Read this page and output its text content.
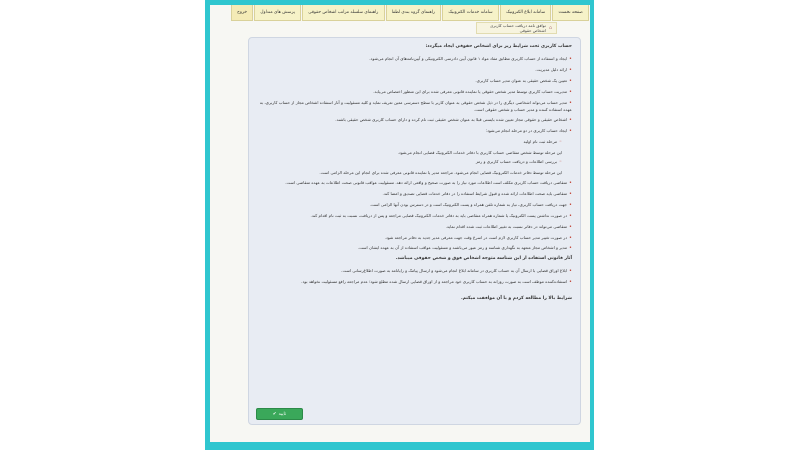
صفحه نخست
سامانه ابلاغ الکترونیک
سامانه خدمات الکترونیک
راهنمای گروه بندی لطفا
راهنمای سلسله مراتب اشخاص حقوقی
پرسش های متداول
خروج
⌂
توافق نامه دریافت حساب کاربری اشخاص حقوقی

حساب کاربری تحت شرایط زیر برای اشخاص حقوقی ایجاد میگردد:

•ایجاد و استفاده از حساب کاربری مطابق مفاد مواد ۱ قانون آیین دادرسی الکترونیکی و آیین‌نامه‌های آن انجام می‌شود.

•ارائه دلیل مدیریت.

•تعیین یک شخص حقیقی به عنوان مدیر حساب کاربری.

•مدیریت حساب کاربری توسط مدیر شخص حقوقی یا نماینده قانونی معرفی شده برای این منظور اختصاص می‌یابد.

•مدیر حساب می‌تواند اشخاصی دیگری را در ذیل شخص حقوقی به عنوان کاربر با سطح دسترسی معین تعریف نماید و کلیه مسئولیت و آثار استفاده اشخاص مجاز از حساب کاربری، به عهده استفاده کننده و مدیر حساب و شخص حقوقی است.

•اشخاص حقیقی و حقوقی مجاز تعیین شده بایستی قبلا به عنوان شخص حقیقی ثبت نام کرده و دارای حساب کاربری شخص حقیقی باشند.

•ایجاد حساب کاربری در دو مرحله انجام می‌شود:

◦مرحله ثبت نام اولیه

این مرحله توسط شخص متقاضی حساب کاربری با دفاتر خدمات الکترونیک قضایی انجام می‌شود.

◦بررسی اطلاعات و دریافت حساب کاربری و رمز

این مرحله توسط دفاتر خدمات الکترونیک قضایی انجام می‌شود. مراجعه مدیر یا نماینده قانونی معرفی شده برای انجام این مرحله الزامی است.

•متقاضی دریافت حساب کاربری مکلف است اطلاعات مورد نیاز را به صورت صحیح و واقعی ارائه دهد. مسئولیت عواقب قانونی صحت اطلاعات به عهده متقاضی است.

•متقاضی باید صحت اطلاعات ارائه شده و قبول شرایط استفاده را در دفاتر خدمات قضایی تصدیق و امضا کند.

•جهت دریافت حساب کاربری، نیاز به شماره تلفن همراه و پست الکترونیک است و در دسترس بودن آنها الزامی است.

•در صورت نداشتن پست الکترونیک یا شماره همراه متقاضی باید به دفاتر خدمات الکترونیک قضایی مراجعه و پس از دریافت، نسبت به ثبت نام اقدام کند.

•متقاضی می‌تواند در دفاتر نسبت به تغییر اطلاعات ثبت شده اقدام نماید.

•در صورت تغییر مدیر حساب کاربری لازم است در اسرع وقت جهت معرفی مدیر جدید به دفاتر مراجعه شود.

•مدیر و اشخاص مجاز متعهد به نگهداری شناسه و رمز عبور می‌باشند و مسئولیت عواقب استفاده از آن به عهده ایشان است.

آثار قانونی استفاده از این شناسه متوجه اشخاص فوق و شخص حقوقی میباشد.

•ابلاغ اوراق قضایی با ارسال آن به حساب کاربری در سامانه ابلاغ انجام می‌شود و ارسال پیامک و رایانامه به صورت اطلاع‌رسانی است.

•استفاده‌کننده موظف است به صورت روزانه به حساب کاربری خود مراجعه و از اوراق قضایی ارسال شده مطلع شود؛ عدم مراجعه رافع مسئولیت نخواهد بود.

شرایط بالا را مطالعه کردم و با آن موافقت میکنم.

✔ تایید
